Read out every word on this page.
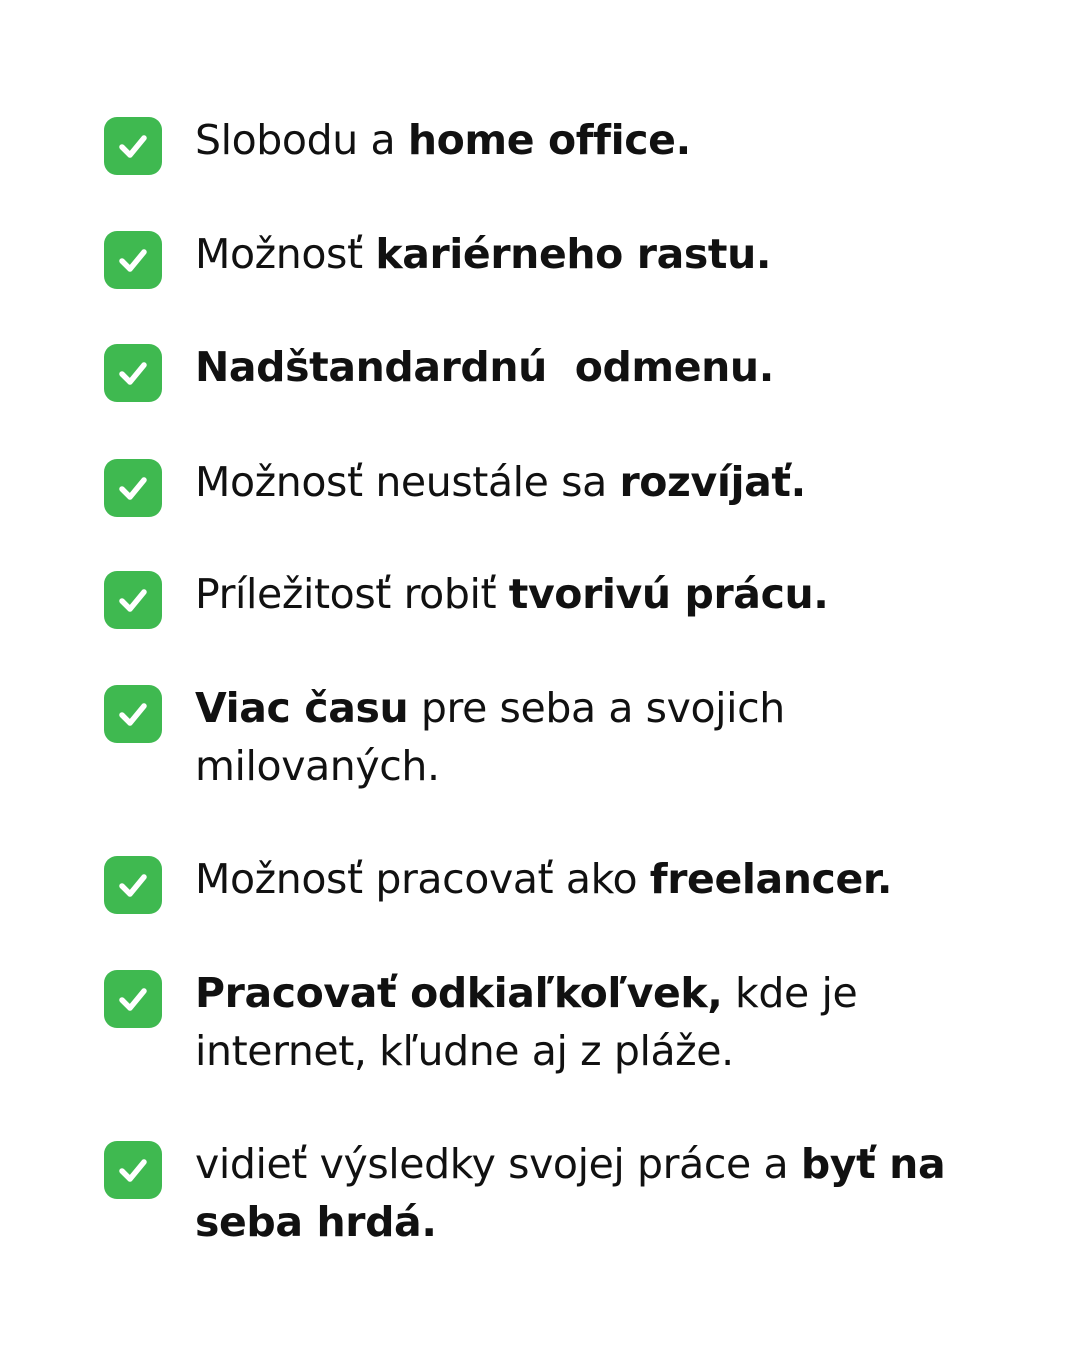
Slobodu a home office.
Možnosť kariérneho rastu.
Nadštandardnú  odmenu.
Možnosť neustále sa rozvíjať.
Príležitosť robiť tvorivú prácu.
Viac času pre seba a svojich milovaných.
Možnosť pracovať ako freelancer.
Pracovať odkiaľkoľvek, kde je internet, kľudne aj z pláže.
vidieť výsledky svojej práce a byť na seba hrdá.
